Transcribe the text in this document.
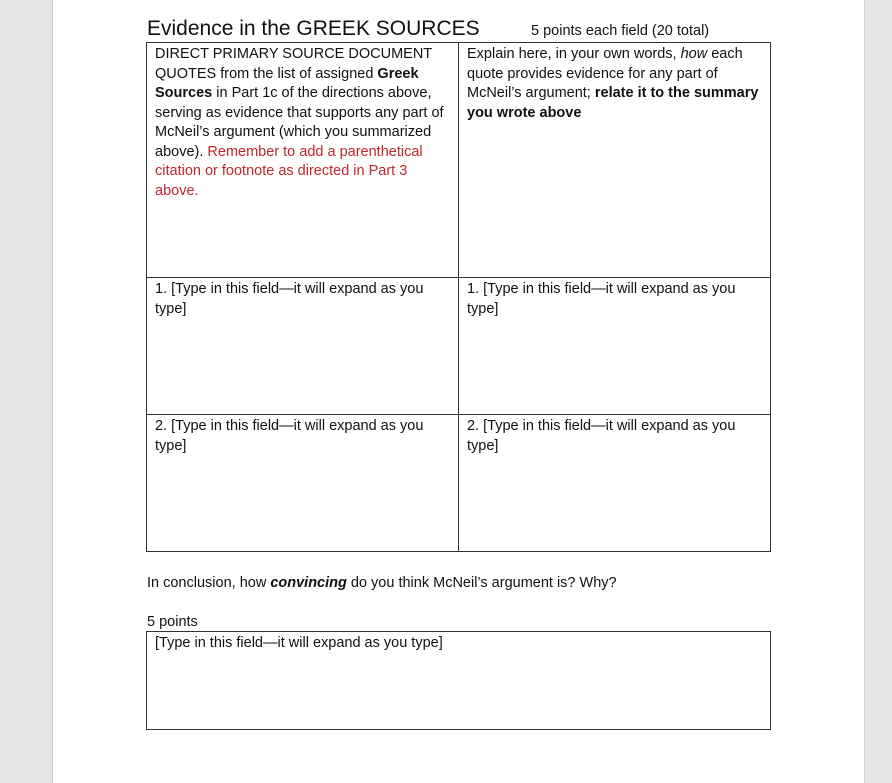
Evidence in the GREEK SOURCES	5 points each field (20 total)
DIRECT PRIMARY SOURCE DOCUMENT QUOTES from the list of assigned Greek Sources in Part 1c of the directions above, serving as evidence that supports any part of McNeil’s argument (which you summarized above). Remember to add a parenthetical citation or footnote as directed in Part 3 above.	Explain here, in your own words, how each quote provides evidence for any part of McNeil’s argument; relate it to the summary you wrote above

1. [Type in this field—it will expand as you type]	1. [Type in this field—it will expand as you type]

2. [Type in this field—it will expand as you type]	2. [Type in this field—it will expand as you type]
In conclusion, how convincing do you think McNeil’s argument is? Why?
5 points
[Type in this field—it will expand as you type]
